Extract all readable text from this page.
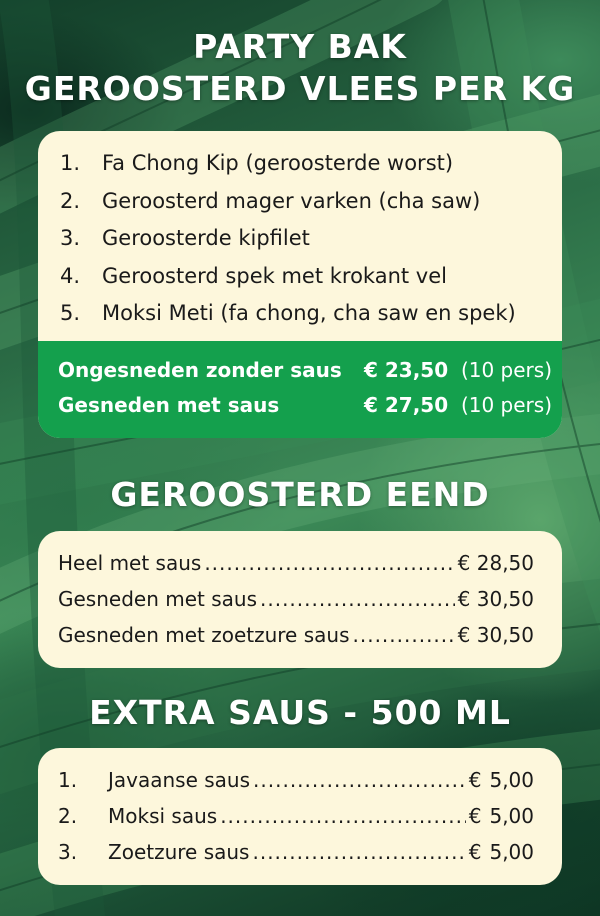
PARTY BAK
GEROOSTERD VLEES PER KG
1. Fa Chong Kip (geroosterde worst)
2. Geroosterd mager varken (cha saw)
3. Geroosterde kipfilet
4. Geroosterd spek met krokant vel
5. Moksi Meti (fa chong, cha saw en spek)
Ongesneden zonder saus € 23,50 (10 pers)
Gesneden met saus	€ 27,50 (10 pers)
GEROOSTERD EEND
Heel met saus .....	€ 28,50
Gesneden met saus .....	€ 30,50
Gesneden met zoetzure saus .....	€ 30,50
EXTRA SAUS - 500 ML
1.	Javaanse saus .....	€ 5,00
2.	Moksi saus .....	€ 5,00
3.	Zoetzure saus .....	€ 5,00
